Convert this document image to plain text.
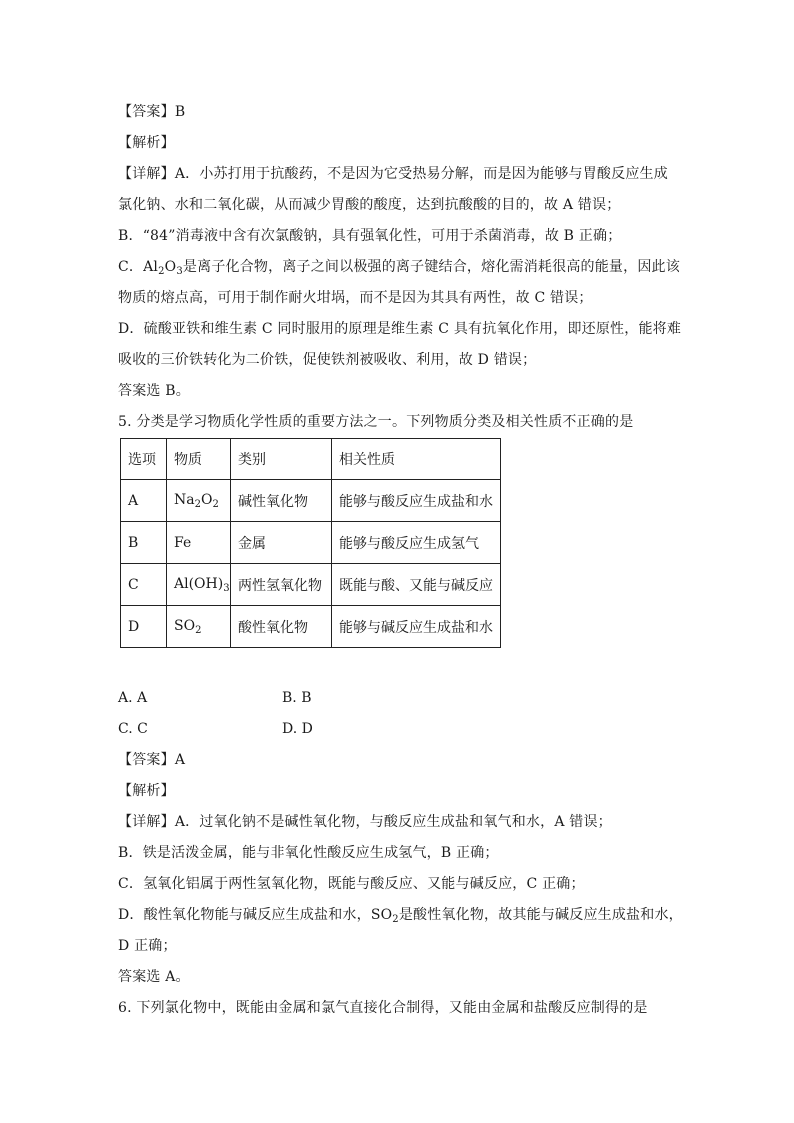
【答案】B
【解析】
【详解】A．小苏打用于抗酸药，不是因为它受热易分解，而是因为能够与胃酸反应生成
氯化钠、水和二氧化碳，从而减少胃酸的酸度，达到抗酸酸的目的，故 A 错误；
B．“84”消毒液中含有次氯酸钠，具有强氧化性，可用于杀菌消毒，故 B 正确；
C．$Al_2O_3$是离子化合物，离子之间以极强的离子键结合，熔化需消耗很高的能量，因此该
物质的熔点高，可用于制作耐火坩埚，而不是因为其具有两性，故 C 错误；
D．硫酸亚铁和维生素 C 同时服用的原理是维生素 C 具有抗氧化作用，即还原性，能将难
吸收的三价铁转化为二价铁，促使铁剂被吸收、利用，故 D 错误；
答案选 B。
5. 分类是学习物质化学性质的重要方法之一。下列物质分类及相关性质不正确的是
选项	物质	类别	相关性质
A	$Na_2O_2$	碱性氧化物	能够与酸反应生成盐和水
B	Fe	金属	能够与酸反应生成氢气
C	$Al(OH)_3$	两性氢氧化物	既能与酸、又能与碱反应
D	$SO_2$	酸性氧化物	能够与碱反应生成盐和水
A. A	B. B
C. C	D. D
【答案】A
【解析】
【详解】A．过氧化钠不是碱性氧化物，与酸反应生成盐和氧气和水，A 错误；
B．铁是活泼金属，能与非氧化性酸反应生成氢气，B 正确；
C．氢氧化铝属于两性氢氧化物，既能与酸反应、又能与碱反应，C 正确；
D．酸性氧化物能与碱反应生成盐和水，$SO_2$是酸性氧化物，故其能与碱反应生成盐和水，
D 正确；
答案选 A。
6. 下列氯化物中，既能由金属和氯气直接化合制得，又能由金属和盐酸反应制得的是
